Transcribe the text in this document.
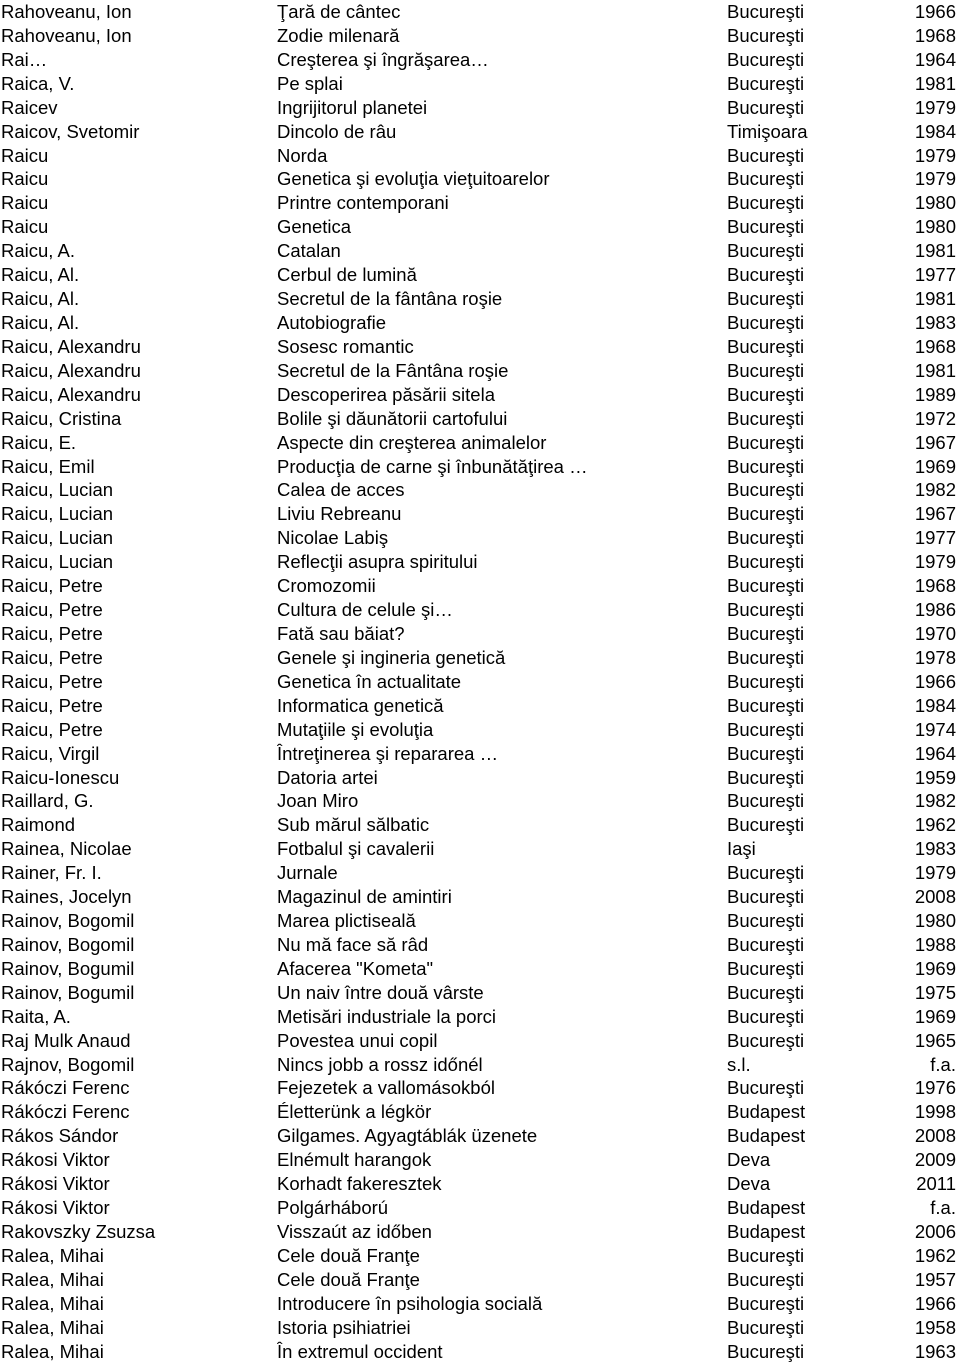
Rahoveanu, Ion	Ţară de cântec	Bucureşti	1966
Rahoveanu, Ion	Zodie milenară	Bucureşti	1968
Rai…	Creşterea şi îngrăşarea…	Bucureşti	1964
Raica, V.	Pe splai	Bucureşti	1981
Raicev	Ingrijitorul planetei	Bucureşti	1979
Raicov, Svetomir	Dincolo de râu	Timişoara	1984
Raicu	Norda	Bucureşti	1979
Raicu	Genetica şi evoluţia vieţuitoarelor	Bucureşti	1979
Raicu	Printre contemporani	Bucureşti	1980
Raicu	Genetica	Bucureşti	1980
Raicu, A.	Catalan	Bucureşti	1981
Raicu, Al.	Cerbul de lumină	Bucureşti	1977
Raicu, Al.	Secretul de la fântâna roşie	Bucureşti	1981
Raicu, Al.	Autobiografie	Bucureşti	1983
Raicu, Alexandru	Sosesc romantic	Bucureşti	1968
Raicu, Alexandru	Secretul de la Fântâna roşie	Bucureşti	1981
Raicu, Alexandru	Descoperirea păsării sitela	Bucureşti	1989
Raicu, Cristina	Bolile şi dăunătorii cartofului	Bucureşti	1972
Raicu, E.	Aspecte din creşterea animalelor	Bucureşti	1967
Raicu, Emil	Producţia de carne şi înbunătăţirea …	Bucureşti	1969
Raicu, Lucian	Calea de acces	Bucureşti	1982
Raicu, Lucian	Liviu Rebreanu	Bucureşti	1967
Raicu, Lucian	Nicolae Labiş	Bucureşti	1977
Raicu, Lucian	Reflecţii asupra spiritului	Bucureşti	1979
Raicu, Petre	Cromozomii	Bucureşti	1968
Raicu, Petre	Cultura de celule şi…	Bucureşti	1986
Raicu, Petre	Fată sau băiat?	Bucureşti	1970
Raicu, Petre	Genele şi ingineria genetică	Bucureşti	1978
Raicu, Petre	Genetica în actualitate	Bucureşti	1966
Raicu, Petre	Informatica genetică	Bucureşti	1984
Raicu, Petre	Mutaţiile şi evoluţia	Bucureşti	1974
Raicu, Virgil	Întreţinerea şi repararea …	Bucureşti	1964
Raicu-Ionescu	Datoria artei	Bucureşti	1959
Raillard, G.	Joan Miro	Bucureşti	1982
Raimond	Sub mărul sălbatic	Bucureşti	1962
Rainea, Nicolae	Fotbalul şi cavalerii	Iaşi	1983
Rainer, Fr. I.	Jurnale	Bucureşti	1979
Raines, Jocelyn	Magazinul de amintiri	Bucureşti	2008
Rainov, Bogomil	Marea plictiseală	Bucureşti	1980
Rainov, Bogomil	Nu mă face să râd	Bucureşti	1988
Rainov, Bogumil	Afacerea "Kometa"	Bucureşti	1969
Rainov, Bogumil	Un naiv între două vârste	Bucureşti	1975
Raita, A.	Metisări industriale la porci	Bucureşti	1969
Raj Mulk Anaud	Povestea unui copil	Bucureşti	1965
Rajnov, Bogomil	Nincs jobb a rossz időnél	s.l.	f.a.
Rákóczi Ferenc	Fejezetek a vallomásokból	Bucureşti	1976
Rákóczi Ferenc	Életterünk a légkör	Budapest	1998
Rákos Sándor	Gilgames. Agyagtáblák üzenete	Budapest	2008
Rákosi Viktor	Elnémult harangok	Deva	2009
Rákosi Viktor	Korhadt fakeresztek	Deva	2011
Rákosi Viktor	Polgárháború	Budapest	f.a.
Rakovszky Zsuzsa	Visszaút az időben	Budapest	2006
Ralea, Mihai	Cele două Franţe	Bucureşti	1962
Ralea, Mihai	Cele două Franţe	Bucureşti	1957
Ralea, Mihai	Introducere în psihologia socială	Bucureşti	1966
Ralea, Mihai	Istoria psihiatriei	Bucureşti	1958
Ralea, Mihai	În extremul occident	Bucureşti	1963
